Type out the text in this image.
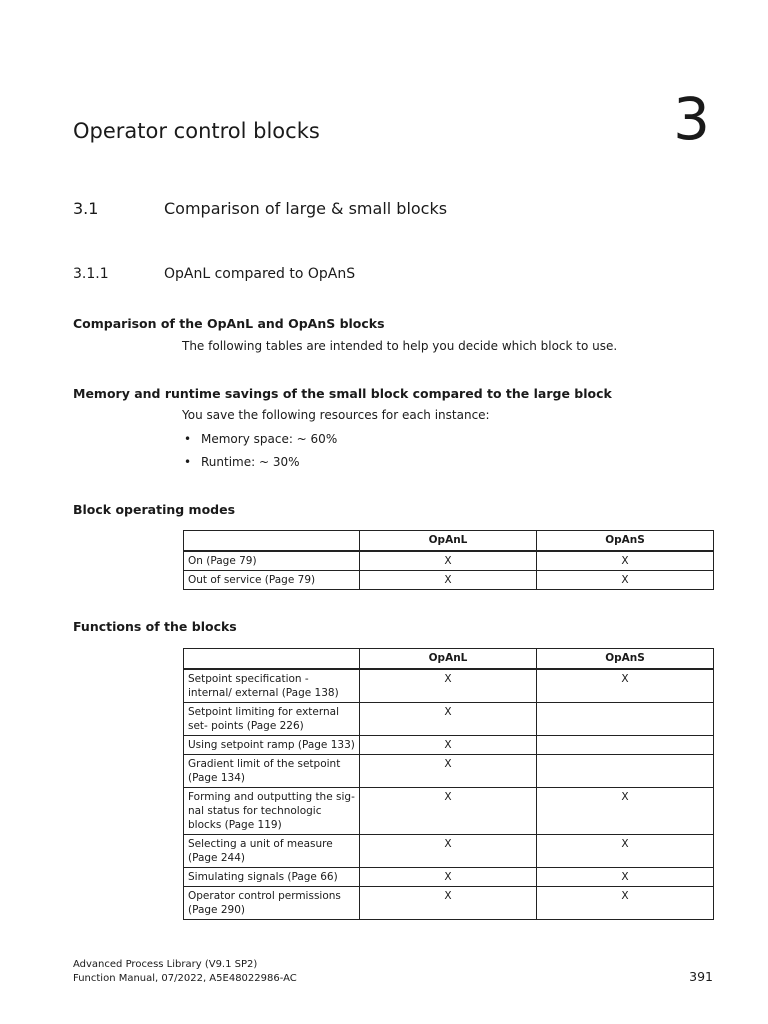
Operator control blocks	3
3.1	Comparison of large & small blocks
3.1.1	OpAnL compared to OpAnS

Comparison of the OpAnL and OpAnS blocks

The following tables are intended to help you decide which block to use.

Memory and runtime savings of the small block compared to the large block

You save the following resources for each instance:

• Memory space: ~ 60%
• Runtime: ~ 30%

Block operating modes

	OpAnL	OpAnS
On (Page 79)	X	X
Out of service (Page 79)	X	X

Functions of the blocks

	OpAnL	OpAnS
Setpoint specification - internal/ external (Page 138)	X	X
Setpoint limiting for external set- points (Page 226)	X	
Using setpoint ramp (Page 133)	X	
Gradient limit of the setpoint (Page 134)	X	
Forming and outputting the sig- nal status for technologic blocks (Page 119)	X	X
Selecting a unit of measure (Page 244)	X	X
Simulating signals (Page 66)	X	X
Operator control permissions (Page 290)	X	X
Advanced Process Library (V9.1 SP2)
Function Manual, 07/2022, A5E48022986-AC	391
